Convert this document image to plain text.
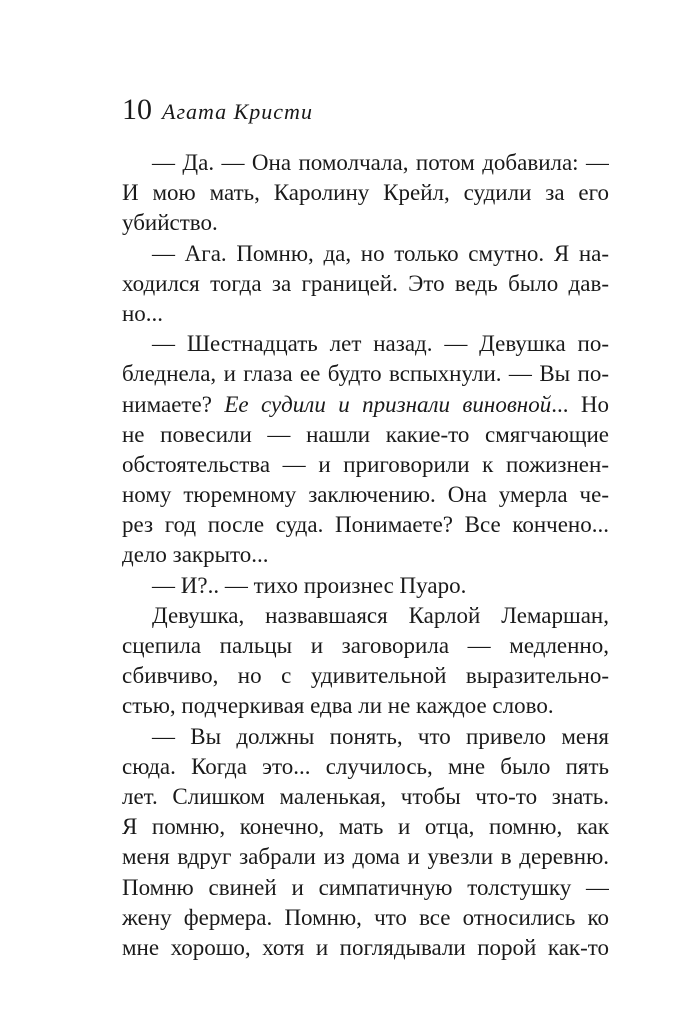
10 Агата Кристи
— Да. — Она помолчала, потом добавила: —
И мою мать, Каролину Крейл, судили за его
убийство.
— Ага. Помню, да, но только смутно. Я на-
ходился тогда за границей. Это ведь было дав-
но...
— Шестнадцать лет назад. — Девушка по-
бледнела, и глаза ее будто вспыхнули. — Вы по-
нимаете? Ее судили и признали виновной... Но
не повесили — нашли какие-то смягчающие
обстоятельства — и приговорили к пожизнен-
ному тюремному заключению. Она умерла че-
рез год после суда. Понимаете? Все кончено...
дело закрыто...
— И?.. — тихо произнес Пуаро.
Девушка, назвавшаяся Карлой Лемаршан,
сцепила пальцы и заговорила — медленно,
сбивчиво, но с удивительной выразительно-
стью, подчеркивая едва ли не каждое слово.
— Вы должны понять, что привело меня
сюда. Когда это... случилось, мне было пять
лет. Слишком маленькая, чтобы что-то знать.
Я помню, конечно, мать и отца, помню, как
меня вдруг забрали из дома и увезли в деревню.
Помню свиней и симпатичную толстушку —
жену фермера. Помню, что все относились ко
мне хорошо, хотя и поглядывали порой как-то
